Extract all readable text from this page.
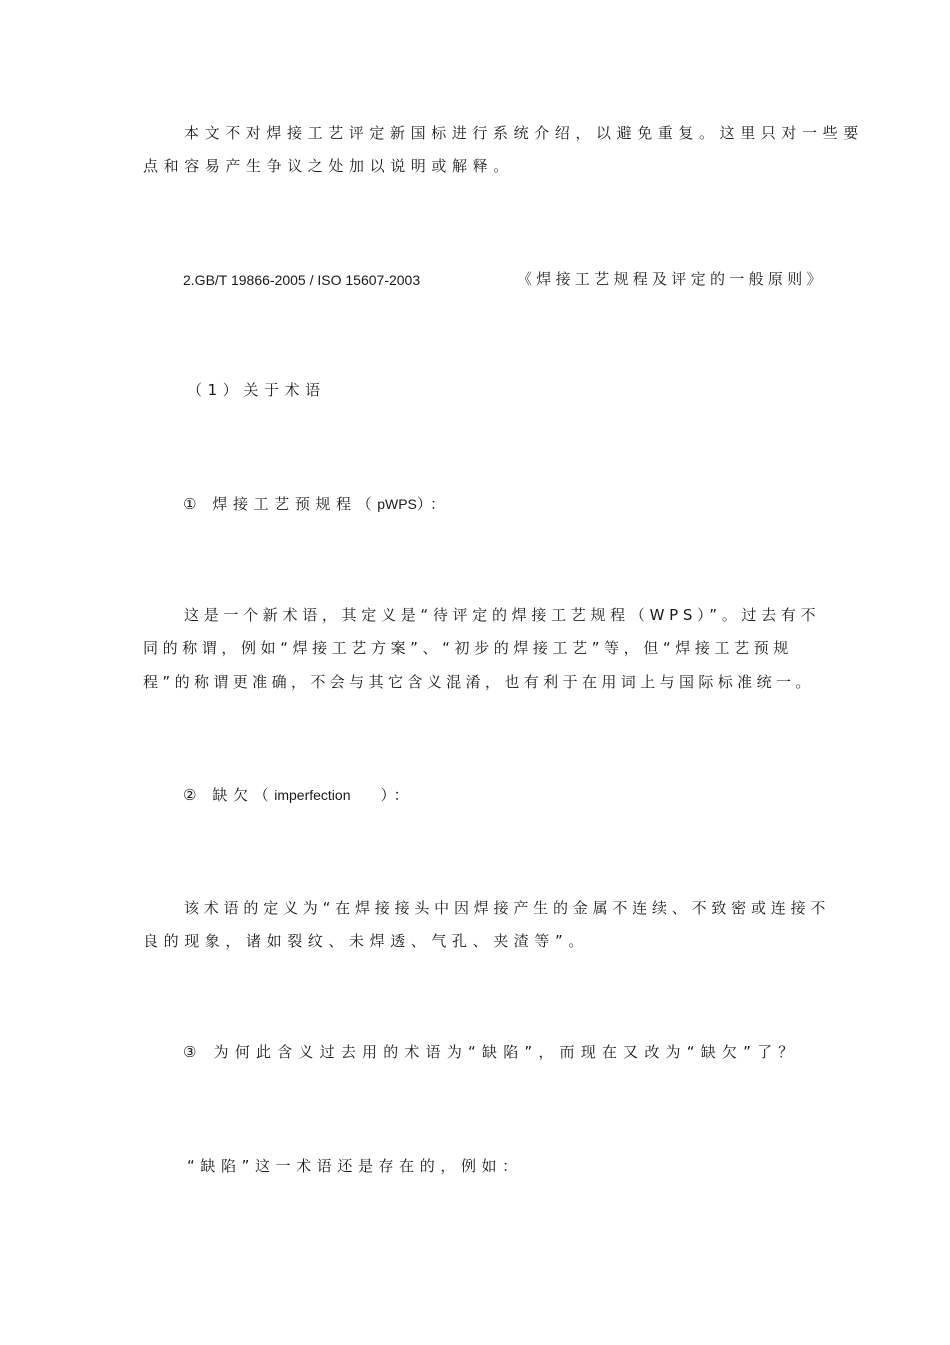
本文不对焊接工艺评定新国标进行系统介绍，以避免重复。这里只对一些要
点和容易产生争议之处加以说明或解释。
2.GB/T 19866-2005 / ISO 15607-2003	《焊接工艺规程及评定的一般原则》
（1）关于术语
① 焊接工艺预规程（pWPS）：
这是一个新术语，其定义是“待评定的焊接工艺规程（WPS）”。过去有不
同的称谓，例如“焊接工艺方案”、“初步的焊接工艺”等，但“焊接工艺预规
程”的称谓更准确，不会与其它含义混淆，也有利于在用词上与国际标准统一。
② 缺欠（imperfection ）：
该术语的定义为“在焊接接头中因焊接产生的金属不连续、不致密或连接不
良的现象，诸如裂纹、未焊透、气孔、夹渣等”。
③ 为何此含义过去用的术语为“缺陷”，而现在又改为“缺欠”了？
“缺陷”这一术语还是存在的，例如：
